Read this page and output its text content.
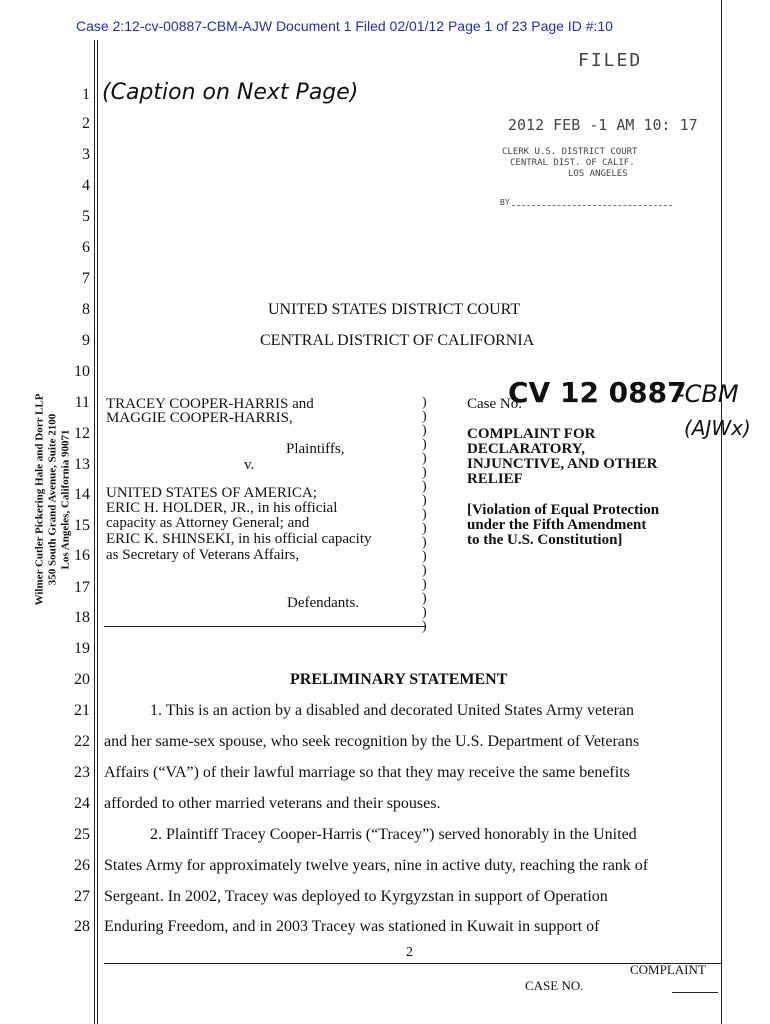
Case 2:12-cv-00887-CBM-AJW Document 1 Filed 02/01/12 Page 1 of 23 Page ID #:10
Wilmer Cutler Pickering Hale and Dorr LLP 350 South Grand Avenue, Suite 2100 Los Angeles, California 90071
FILED
2012 FEB -1 AM 10: 17
CLERK U.S. DISTRICT COURT
CENTRAL DIST. OF CALIF.
LOS ANGELES
BY
(Caption on Next Page)
1
2
3
4
5
6
7
8
9
10
11
12
13
14
15
16
17
18
19
20
21
22
23
24
25
26
27
28
UNITED STATES DISTRICT COURT
CENTRAL DISTRICT OF CALIFORNIA
TRACEY COOPER-HARRIS and
MAGGIE COOPER-HARRIS,
Plaintiffs,
v.
UNITED STATES OF AMERICA;
ERIC H. HOLDER, JR., in his official
capacity as Attorney General; and
ERIC K. SHINSEKI, in his official capacity
as Secretary of Veterans Affairs,
Defendants.
)
)
)
)
)
)
)
)
)
)
)
)
)
)
)
)
)
Case No.
CV 12 0887
-CBM
(AJWx)
COMPLAINT FOR
DECLARATORY,
INJUNCTIVE, AND OTHER
RELIEF
[Violation of Equal Protection
under the Fifth Amendment
to the U.S. Constitution]
PRELIMINARY STATEMENT
1. This is an action by a disabled and decorated United States Army veteran
and her same-sex spouse, who seek recognition by the U.S. Department of Veterans
Affairs (“VA”) of their lawful marriage so that they may receive the same benefits
afforded to other married veterans and their spouses.
2. Plaintiff Tracey Cooper-Harris (“Tracey”) served honorably in the United
States Army for approximately twelve years, nine in active duty, reaching the rank of
Sergeant. In 2002, Tracey was deployed to Kyrgyzstan in support of Operation
Enduring Freedom, and in 2003 Tracey was stationed in Kuwait in support of
2
COMPLAINT
CASE NO.
